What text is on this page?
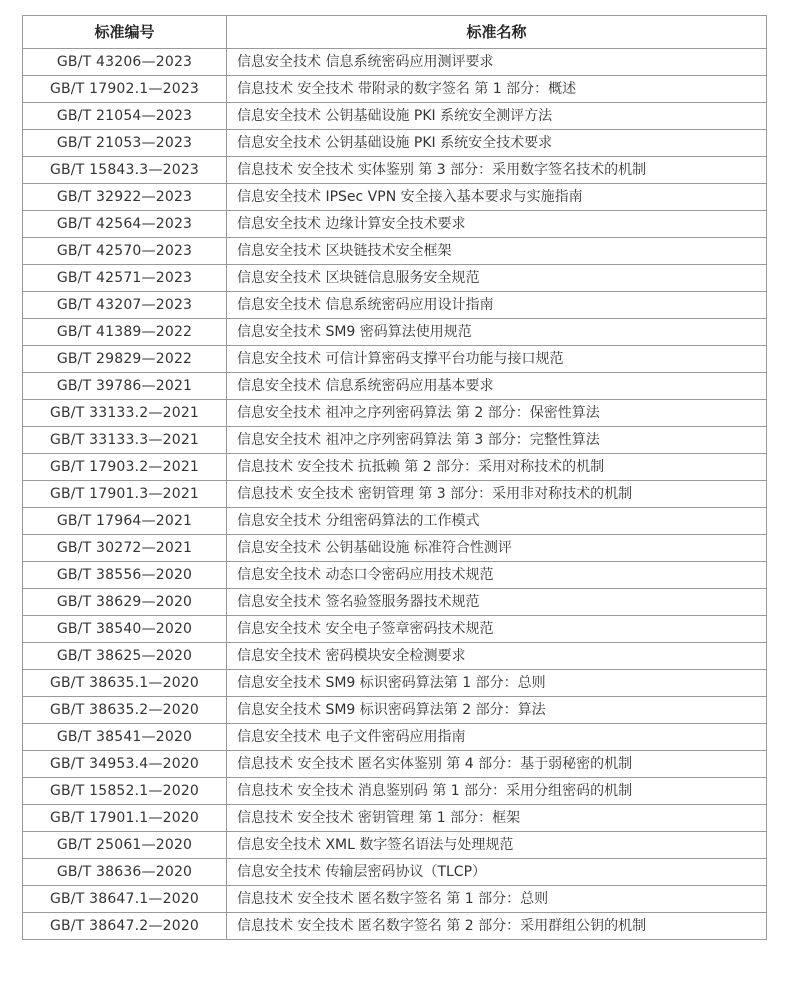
标准编号	标准名称
GB/T 43206—2023	信息安全技术 信息系统密码应用测评要求
GB/T 17902.1—2023	信息技术 安全技术 带附录的数字签名 第 1 部分：概述
GB/T 21054—2023	信息安全技术 公钥基础设施 PKI 系统安全测评方法
GB/T 21053—2023	信息安全技术 公钥基础设施 PKI 系统安全技术要求
GB/T 15843.3—2023	信息技术 安全技术 实体鉴别 第 3 部分：采用数字签名技术的机制
GB/T 32922—2023	信息安全技术 IPSec VPN 安全接入基本要求与实施指南
GB/T 42564—2023	信息安全技术 边缘计算安全技术要求
GB/T 42570—2023	信息安全技术 区块链技术安全框架
GB/T 42571—2023	信息安全技术 区块链信息服务安全规范
GB/T 43207—2023	信息安全技术 信息系统密码应用设计指南
GB/T 41389—2022	信息安全技术 SM9 密码算法使用规范
GB/T 29829—2022	信息安全技术 可信计算密码支撑平台功能与接口规范
GB/T 39786—2021	信息安全技术 信息系统密码应用基本要求
GB/T 33133.2—2021	信息安全技术 祖冲之序列密码算法 第 2 部分：保密性算法
GB/T 33133.3—2021	信息安全技术 祖冲之序列密码算法 第 3 部分：完整性算法
GB/T 17903.2—2021	信息技术 安全技术 抗抵赖 第 2 部分：采用对称技术的机制
GB/T 17901.3—2021	信息技术 安全技术 密钥管理 第 3 部分：采用非对称技术的机制
GB/T 17964—2021	信息安全技术 分组密码算法的工作模式
GB/T 30272—2021	信息安全技术 公钥基础设施 标准符合性测评
GB/T 38556—2020	信息安全技术 动态口令密码应用技术规范
GB/T 38629—2020	信息安全技术 签名验签服务器技术规范
GB/T 38540—2020	信息安全技术 安全电子签章密码技术规范
GB/T 38625—2020	信息安全技术 密码模块安全检测要求
GB/T 38635.1—2020	信息安全技术 SM9 标识密码算法第 1 部分：总则
GB/T 38635.2—2020	信息安全技术 SM9 标识密码算法第 2 部分：算法
GB/T 38541—2020	信息安全技术 电子文件密码应用指南
GB/T 34953.4—2020	信息技术 安全技术 匿名实体鉴别 第 4 部分：基于弱秘密的机制
GB/T 15852.1—2020	信息技术 安全技术 消息鉴别码 第 1 部分：采用分组密码的机制
GB/T 17901.1—2020	信息技术 安全技术 密钥管理 第 1 部分：框架
GB/T 25061—2020	信息安全技术 XML 数字签名语法与处理规范
GB/T 38636—2020	信息安全技术 传输层密码协议（TLCP）
GB/T 38647.1—2020	信息技术 安全技术 匿名数字签名 第 1 部分：总则
GB/T 38647.2—2020	信息技术 安全技术 匿名数字签名 第 2 部分：采用群组公钥的机制
